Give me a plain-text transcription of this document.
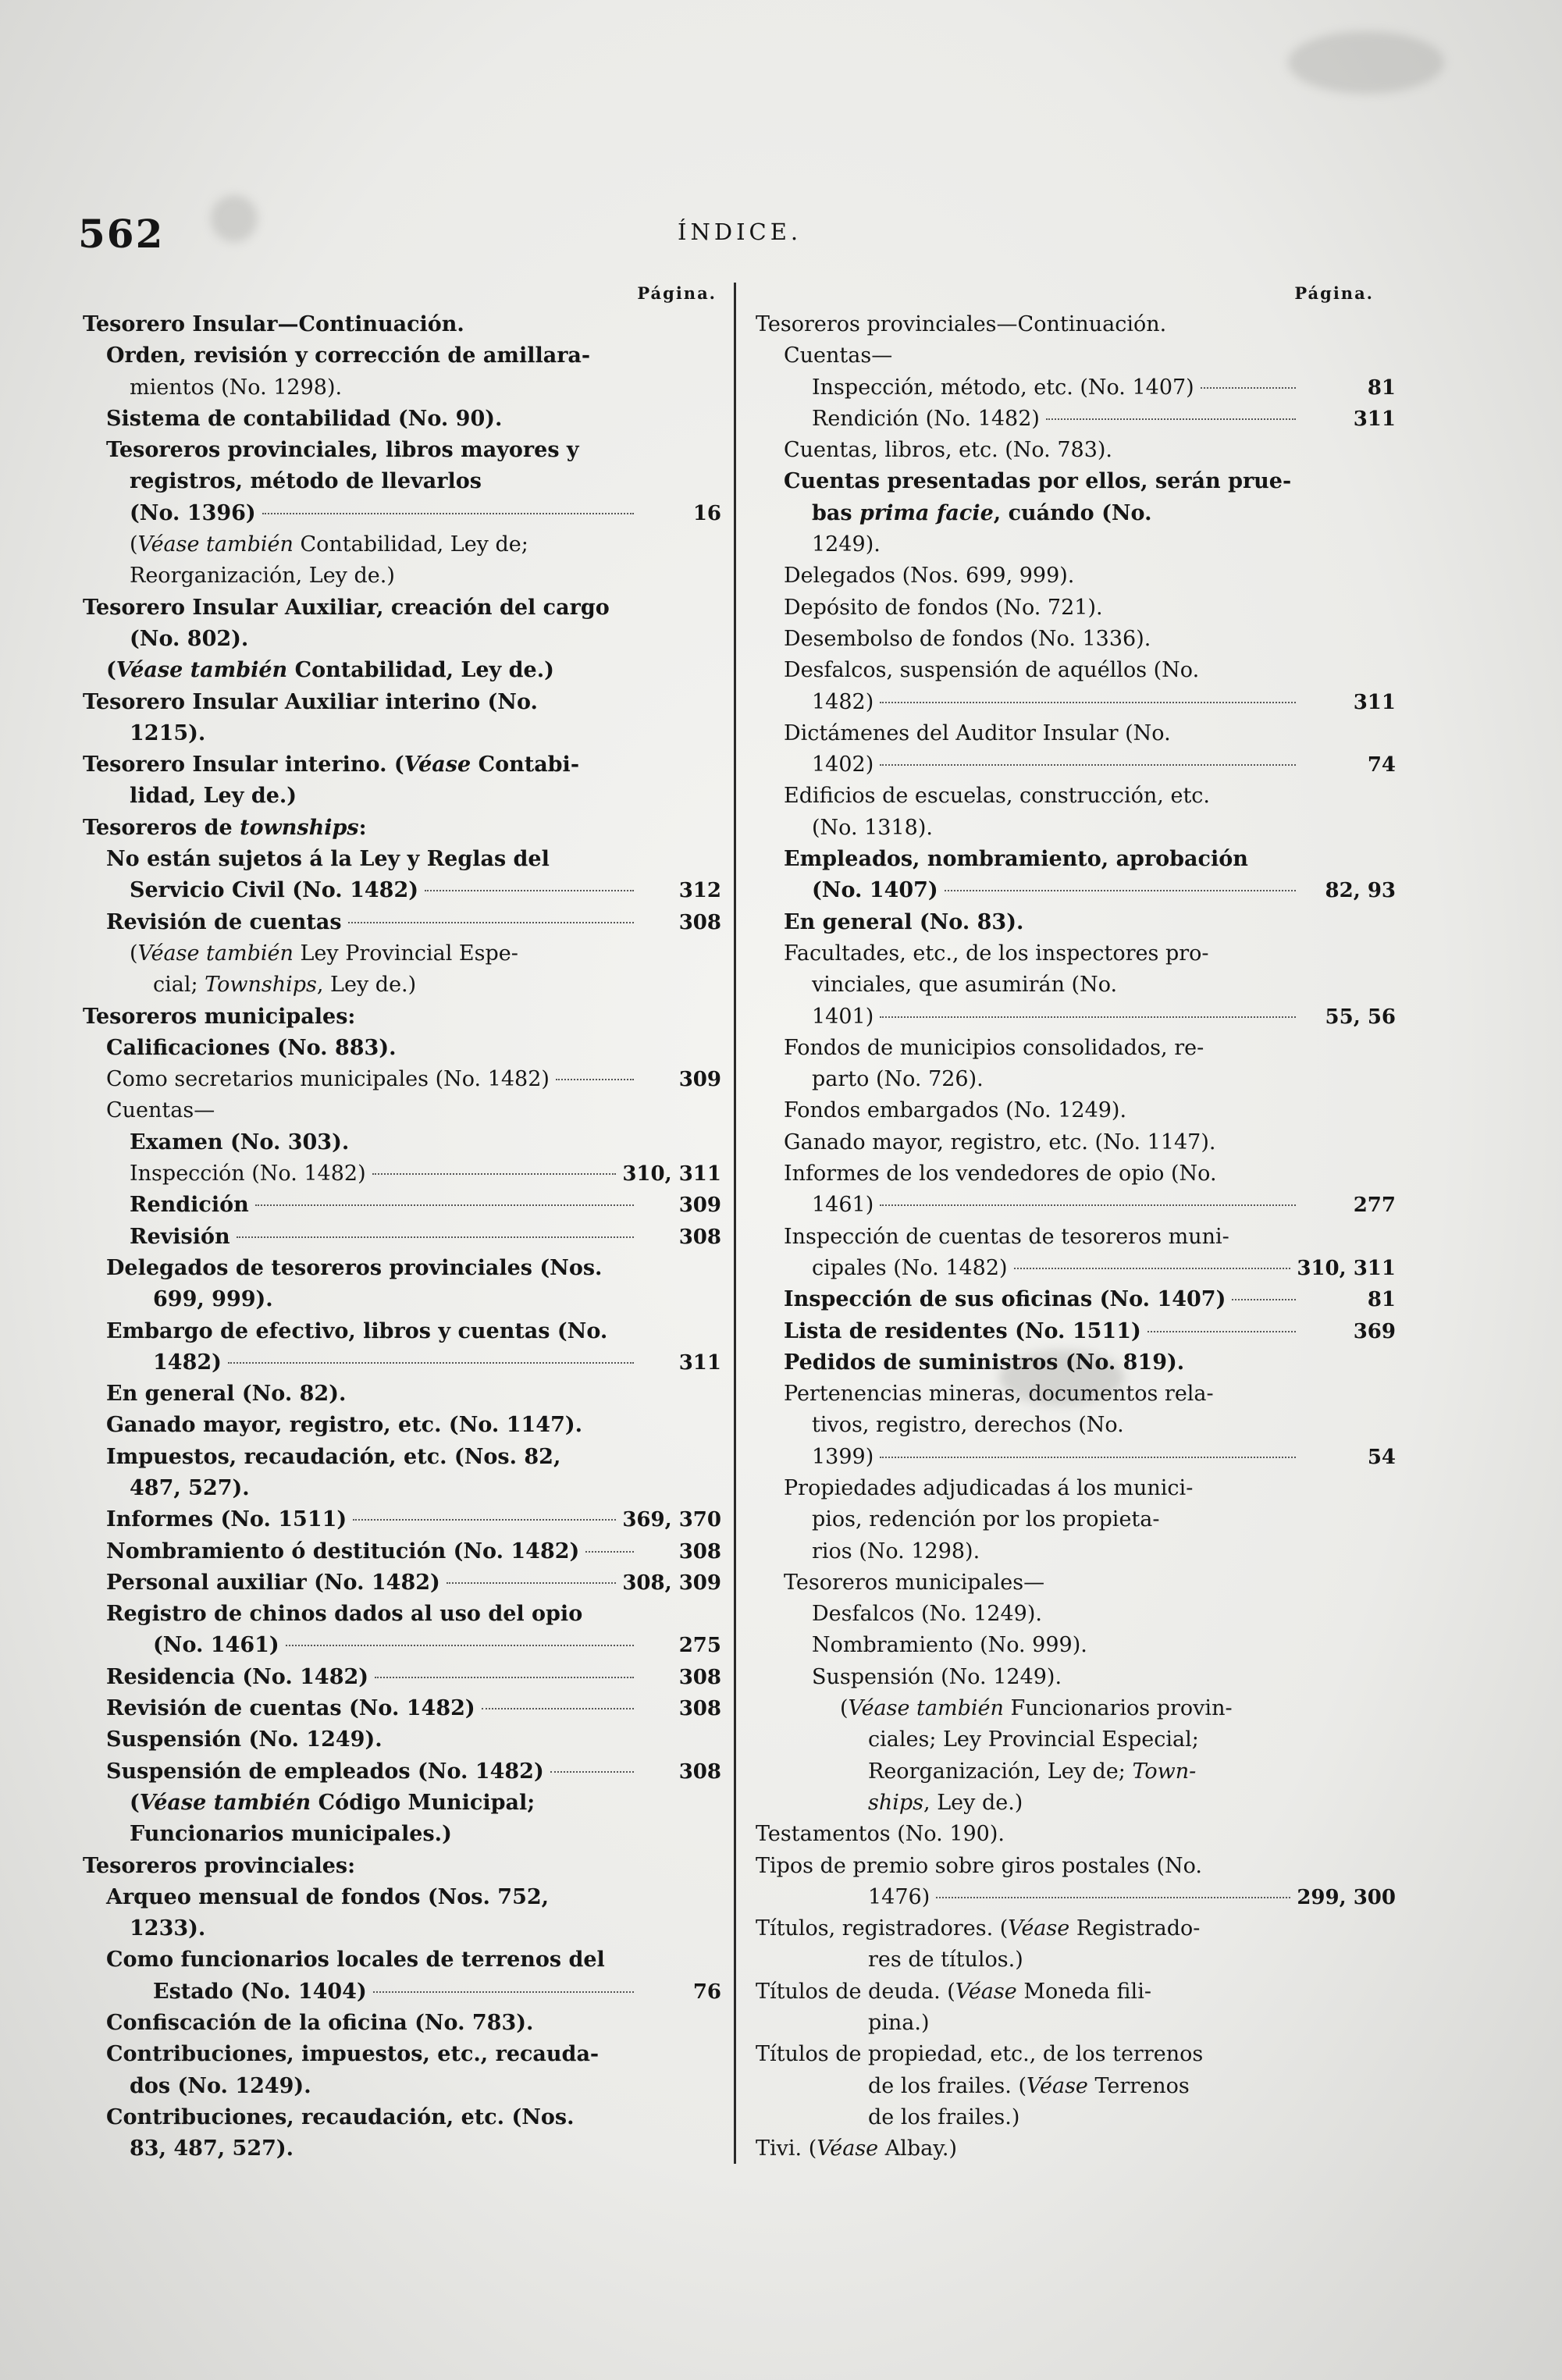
562	ÍNDICE.
Página.
Tesorero Insular—Continuación.
Orden, revisión y corrección de amillara-
mientos (No. 1298).
Sistema de contabilidad (No. 90).
Tesoreros provinciales, libros mayores y
registros, método de llevarlos
(No. 1396)	16
(Véase también Contabilidad, Ley de;
Reorganización, Ley de.)
Tesorero Insular Auxiliar, creación del cargo
(No. 802).
(Véase también Contabilidad, Ley de.)
Tesorero Insular Auxiliar interino (No.
1215).
Tesorero Insular interino. (Véase Contabi-
lidad, Ley de.)
Tesoreros de townships:
No están sujetos á la Ley y Reglas del
Servicio Civil (No. 1482)	312
Revisión de cuentas	308
(Véase también Ley Provincial Espe-
cial; Townships, Ley de.)
Tesoreros municipales:
Calificaciones (No. 883).
Como secretarios municipales (No. 1482)	309
Cuentas—
Examen (No. 303).
Inspección (No. 1482)	310, 311
Rendición	309
Revisión	308
Delegados de tesoreros provinciales (Nos.
699, 999).
Embargo de efectivo, libros y cuentas (No.
1482)	311
En general (No. 82).
Ganado mayor, registro, etc. (No. 1147).
Impuestos, recaudación, etc. (Nos. 82,
487, 527).
Informes (No. 1511)	369, 370
Nombramiento ó destitución (No. 1482)	308
Personal auxiliar (No. 1482)	308, 309
Registro de chinos dados al uso del opio
(No. 1461)	275
Residencia (No. 1482)	308
Revisión de cuentas (No. 1482)	308
Suspensión (No. 1249).
Suspensión de empleados (No. 1482)	308
(Véase también Código Municipal;
Funcionarios municipales.)
Tesoreros provinciales:
Arqueo mensual de fondos (Nos. 752,
1233).
Como funcionarios locales de terrenos del
Estado (No. 1404)	76
Confiscación de la oficina (No. 783).
Contribuciones, impuestos, etc., recauda-
dos (No. 1249).
Contribuciones, recaudación, etc. (Nos.
83, 487, 527).
Página.
Tesoreros provinciales—Continuación.
Cuentas—
Inspección, método, etc. (No. 1407)	81
Rendición (No. 1482)	311
Cuentas, libros, etc. (No. 783).
Cuentas presentadas por ellos, serán prue-
bas prima facie, cuándo (No.
1249).
Delegados (Nos. 699, 999).
Depósito de fondos (No. 721).
Desembolso de fondos (No. 1336).
Desfalcos, suspensión de aquéllos (No.
1482)	311
Dictámenes del Auditor Insular (No.
1402)	74
Edificios de escuelas, construcción, etc.
(No. 1318).
Empleados, nombramiento, aprobación
(No. 1407)	82, 93
En general (No. 83).
Facultades, etc., de los inspectores pro-
vinciales, que asumirán (No.
1401)	55, 56
Fondos de municipios consolidados, re-
parto (No. 726).
Fondos embargados (No. 1249).
Ganado mayor, registro, etc. (No. 1147).
Informes de los vendedores de opio (No.
1461)	277
Inspección de cuentas de tesoreros muni-
cipales (No. 1482)	310, 311
Inspección de sus oficinas (No. 1407)	81
Lista de residentes (No. 1511)	369
Pedidos de suministros (No. 819).
Pertenencias mineras, documentos rela-
tivos, registro, derechos (No.
1399)	54
Propiedades adjudicadas á los munici-
pios, redención por los propieta-
rios (No. 1298).
Tesoreros municipales—
Desfalcos (No. 1249).
Nombramiento (No. 999).
Suspensión (No. 1249).
(Véase también Funcionarios provin-
ciales; Ley Provincial Especial;
Reorganización, Ley de; Town-
ships, Ley de.)
Testamentos (No. 190).
Tipos de premio sobre giros postales (No.
1476)	299, 300
Títulos, registradores. (Véase Registrado-
res de títulos.)
Títulos de deuda. (Véase Moneda fili-
pina.)
Títulos de propiedad, etc., de los terrenos
de los frailes. (Véase Terrenos
de los frailes.)
Tivi. (Véase Albay.)
